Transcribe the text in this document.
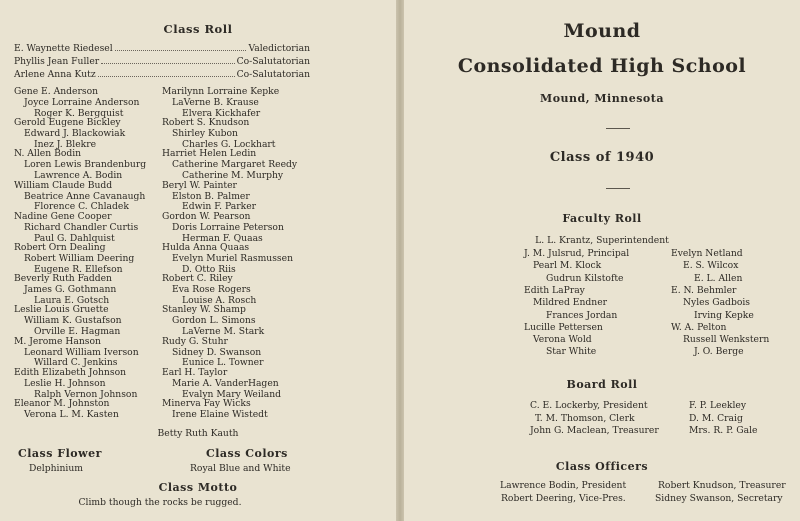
Class Roll
E. Waynette Riedesel	Valedictorian
Phyllis Jean Fuller	Co-Salutatorian
Arlene Anna Kutz	Co-Salutatorian
Gene E. Anderson
Joyce Lorraine Anderson
Roger K. Bergquist
Gerold Eugene Bickley
Edward J. Blackowiak
Inez J. Blekre
N. Allen Bodin
Loren Lewis Brandenburg
Lawrence A. Bodin
William Claude Budd
Beatrice Anne Cavanaugh
Florence C. Chladek
Nadine Gene Cooper
Richard Chandler Curtis
Paul G. Dahlquist
Robert Orn Dealing
Robert William Deering
Eugene R. Ellefson
Beverly Ruth Fadden
James G. Gothmann
Laura E. Gotsch
Leslie Louis Gruette
William K. Gustafson
Orville E. Hagman
M. Jerome Hanson
Leonard William Iverson
Willard C. Jenkins
Edith Elizabeth Johnson
Leslie H. Johnson
Ralph Vernon Johnson
Eleanor M. Johnston
Verona L. M. Kasten
Marilynn Lorraine Kepke
LaVerne B. Krause
Elvera Kickhafer
Robert S. Knudson
Shirley Kubon
Charles G. Lockhart
Harriet Helen Ledin
Catherine Margaret Reedy
Catherine M. Murphy
Beryl W. Painter
Elston B. Palmer
Edwin F. Parker
Gordon W. Pearson
Doris Lorraine Peterson
Herman F. Quaas
Hulda Anna Quaas
Evelyn Muriel Rasmussen
D. Otto Riis
Robert C. Riley
Eva Rose Rogers
Louise A. Rosch
Stanley W. Shamp
Gordon L. Simons
LaVerne M. Stark
Rudy G. Stuhr
Sidney D. Swanson
Eunice L. Towner
Earl H. Taylor
Marie A. VanderHagen
Evalyn Mary Weiland
Minerva Fay Wicks
Irene Elaine Wistedt
Betty Ruth Kauth
Class Flower
Delphinium
Class Colors
Royal Blue and White
Class Motto
Climb though the rocks be rugged.
Mound
Consolidated High School
Mound, Minnesota
Class of 1940
Faculty Roll
L. L. Krantz, Superintendent
J. M. Julsrud, Principal
Pearl M. Klock
Gudrun Kilstofte
Edith LaPray
Mildred Endner
Frances Jordan
Lucille Pettersen
Verona Wold
Star White
Evelyn Netland
E. S. Wilcox
E. L. Allen
E. N. Behmler
Nyles Gadbois
Irving Kepke
W. A. Pelton
Russell Wenkstern
J. O. Berge
Board Roll
C. E. Lockerby, President
T. M. Thomson, Clerk
John G. Maclean, Treasurer
F. P. Leekley
D. M. Craig
Mrs. R. P. Gale
Class Officers
Lawrence Bodin, President
Robert Deering, Vice-Pres.
Robert Knudson, Treasurer
Sidney Swanson, Secretary
